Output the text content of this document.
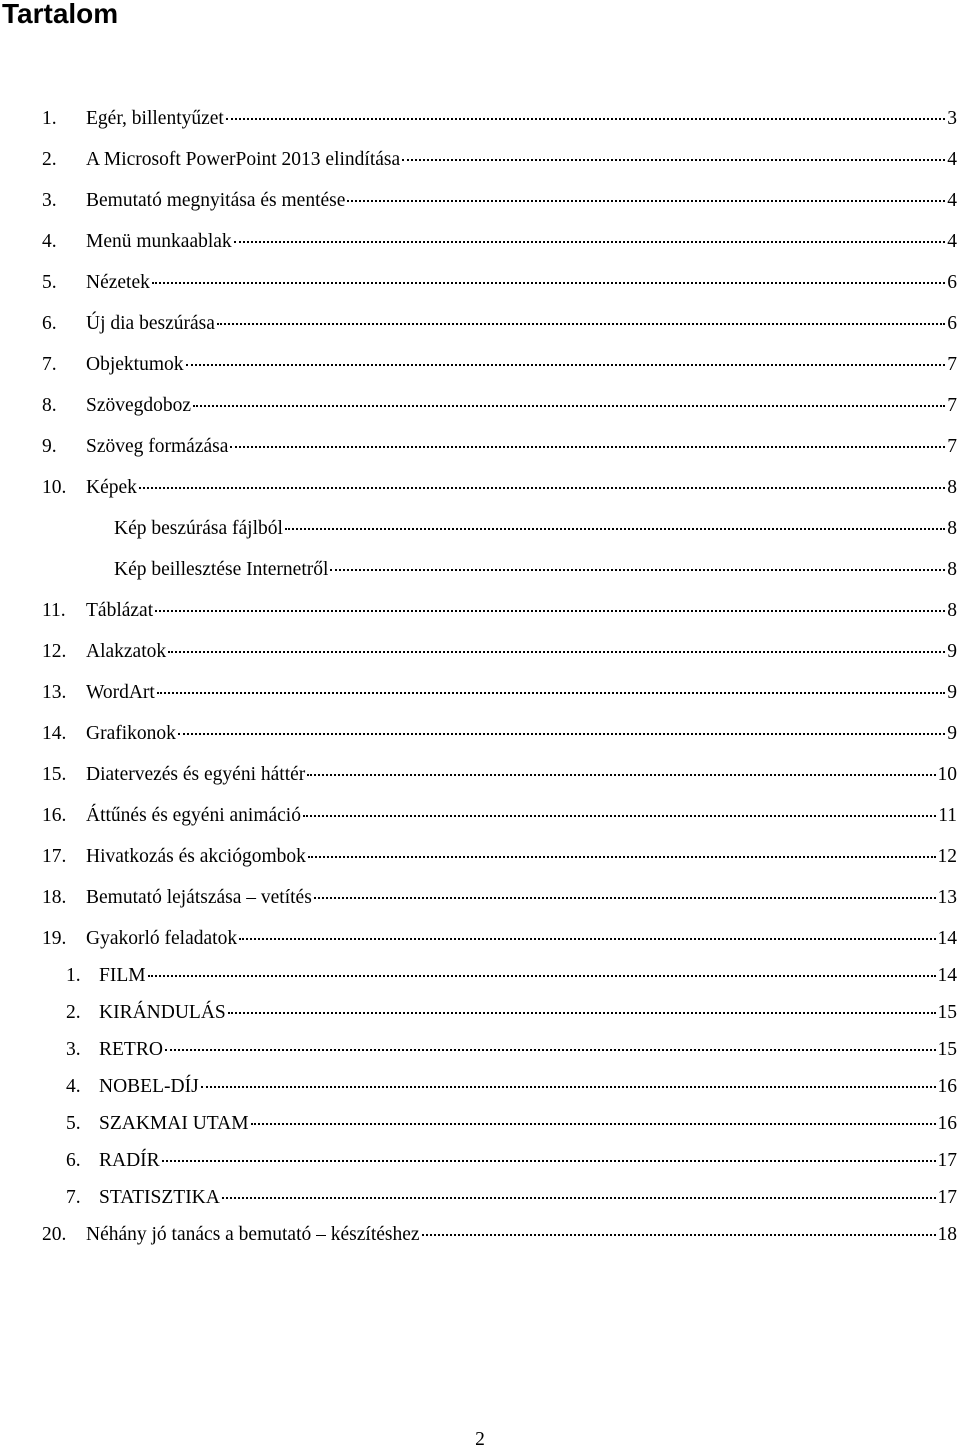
Tartalom
1. Egér, billentyűzet	3
2. A Microsoft PowerPoint 2013 elindítása	4
3. Bemutató megnyitása és mentése	4
4. Menü munkaablak	4
5. Nézetek	6
6. Új dia beszúrása	6
7. Objektumok	7
8. Szövegdoboz	7
9. Szöveg formázása	7
10. Képek	8
Kép beszúrása fájlból	8
Kép beillesztése Internetről	8
11. Táblázat	8
12. Alakzatok	9
13. WordArt	9
14. Grafikonok	9
15. Diatervezés és egyéni háttér	10
16. Áttűnés és egyéni animáció	11
17. Hivatkozás és akciógombok	12
18. Bemutató lejátszása – vetítés	13
19. Gyakorló feladatok	14
1. FILM	14
2. KIRÁNDULÁS	15
3. RETRO	15
4. NOBEL-DÍJ	16
5. SZAKMAI UTAM	16
6. RADÍR	17
7. STATISZTIKA	17
20. Néhány jó tanács a bemutató – készítéshez	18
2
